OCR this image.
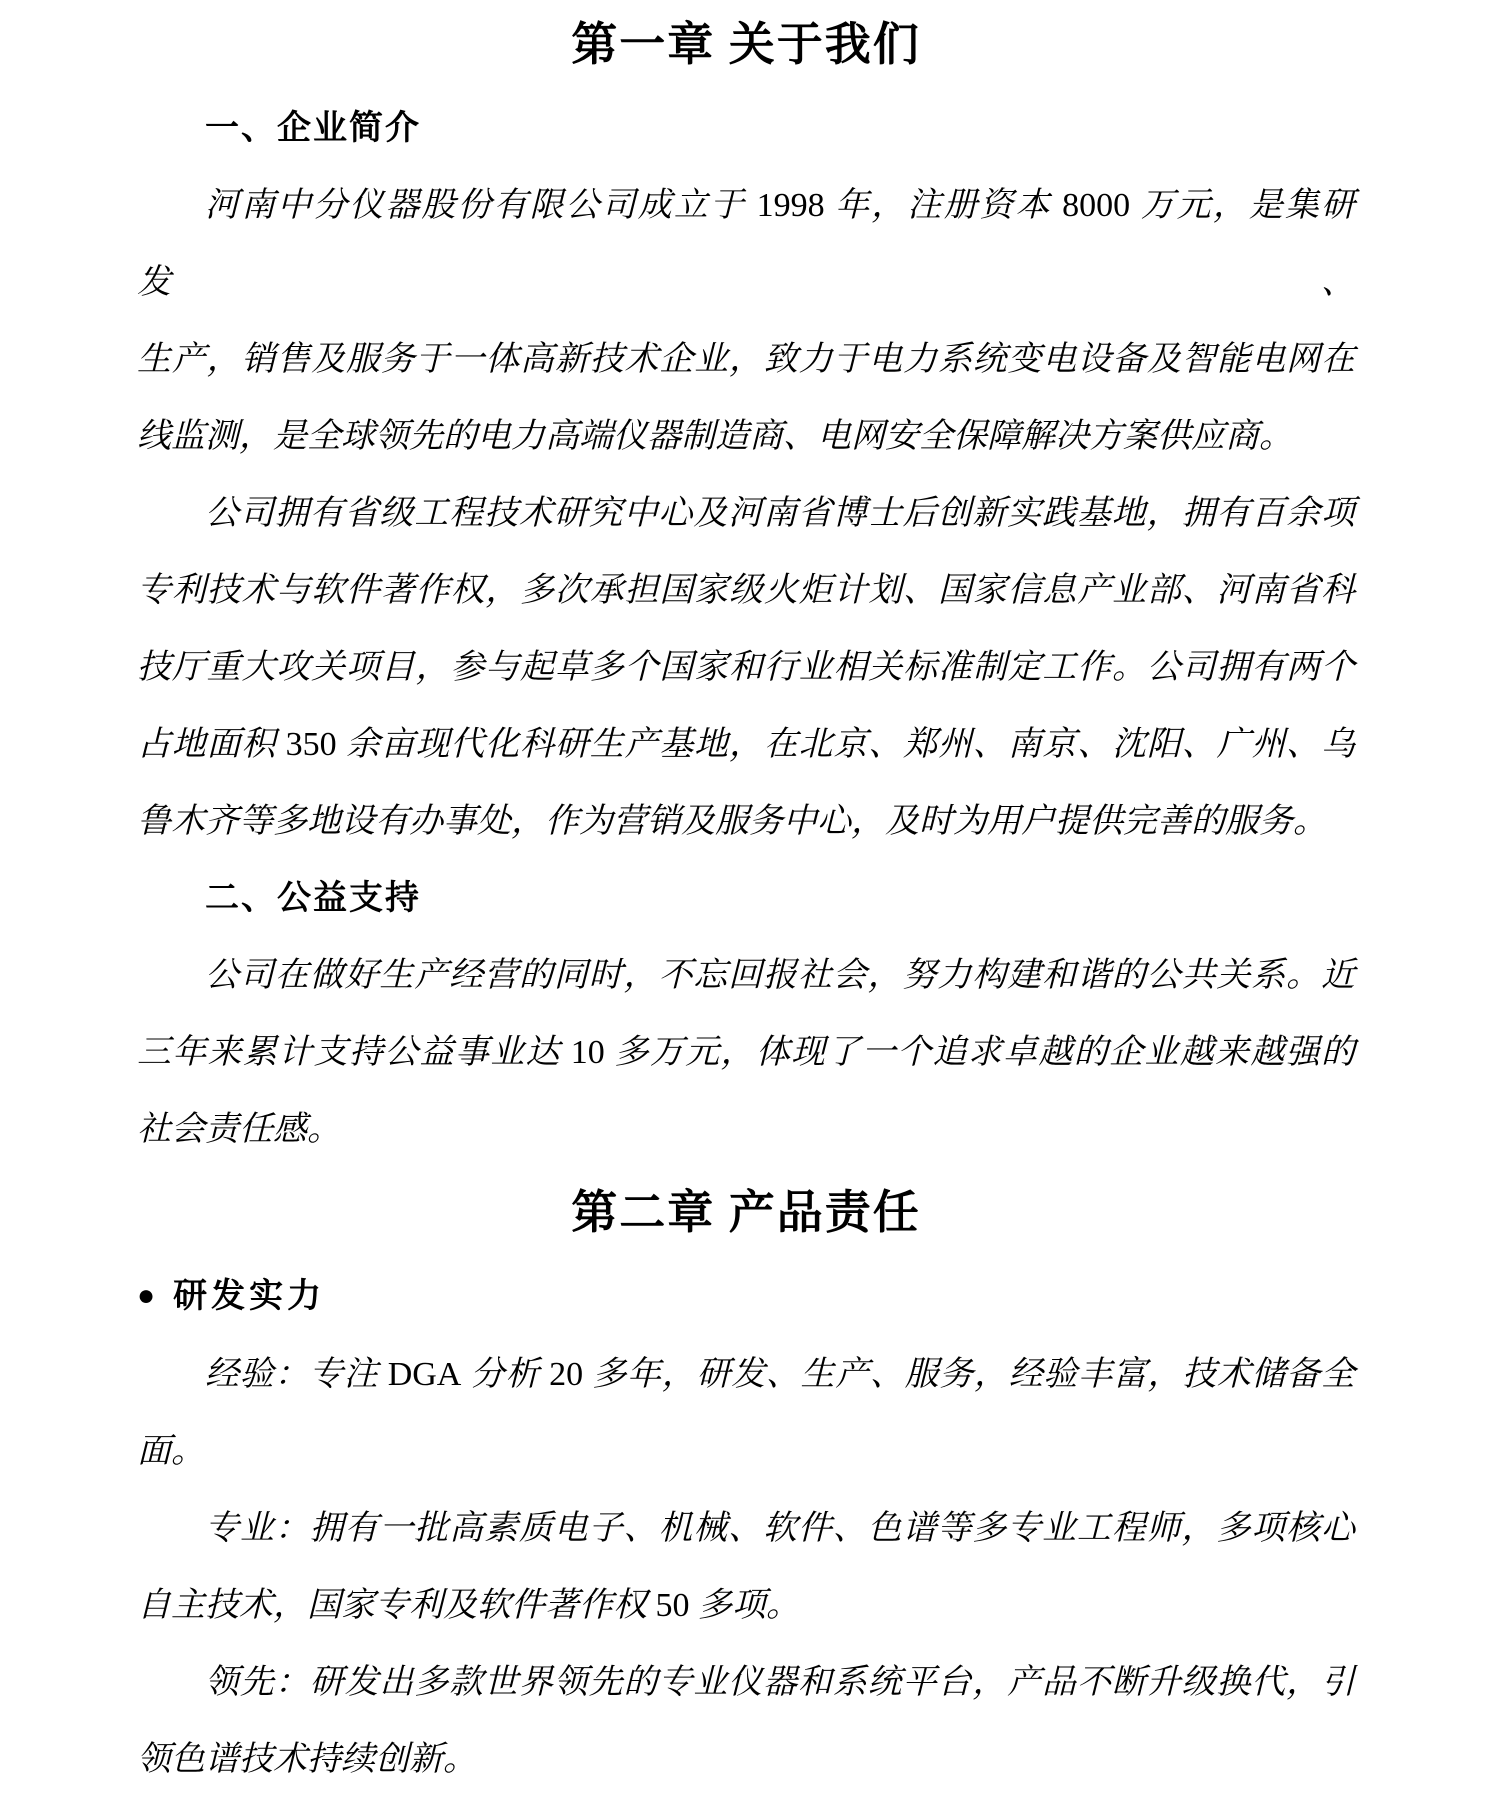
第一章 关于我们
一、企业简介
河南中分仪器股份有限公司成立于 1998 年，注册资本 8000 万元，是集研发、
生产，销售及服务于一体高新技术企业，致力于电力系统变电设备及智能电网在
线监测，是全球领先的电力高端仪器制造商、电网安全保障解决方案供应商。
公司拥有省级工程技术研究中心及河南省博士后创新实践基地，拥有百余项
专利技术与软件著作权，多次承担国家级火炬计划、国家信息产业部、河南省科
技厅重大攻关项目，参与起草多个国家和行业相关标准制定工作。公司拥有两个
占地面积 350 余亩现代化科研生产基地，在北京、郑州、南京、沈阳、广州、乌
鲁木齐等多地设有办事处，作为营销及服务中心，及时为用户提供完善的服务。
二、公益支持
公司在做好生产经营的同时，不忘回报社会，努力构建和谐的公共关系。近
三年来累计支持公益事业达 10 多万元，体现了一个追求卓越的企业越来越强的
社会责任感。
第二章 产品责任
● 研发实力
经验：专注 DGA 分析 20 多年，研发、生产、服务，经验丰富，技术储备全
面。
专业：拥有一批高素质电子、机械、软件、色谱等多专业工程师，多项核心
自主技术，国家专利及软件著作权 50 多项。
领先：研发出多款世界领先的专业仪器和系统平台，产品不断升级换代，引
领色谱技术持续创新。
